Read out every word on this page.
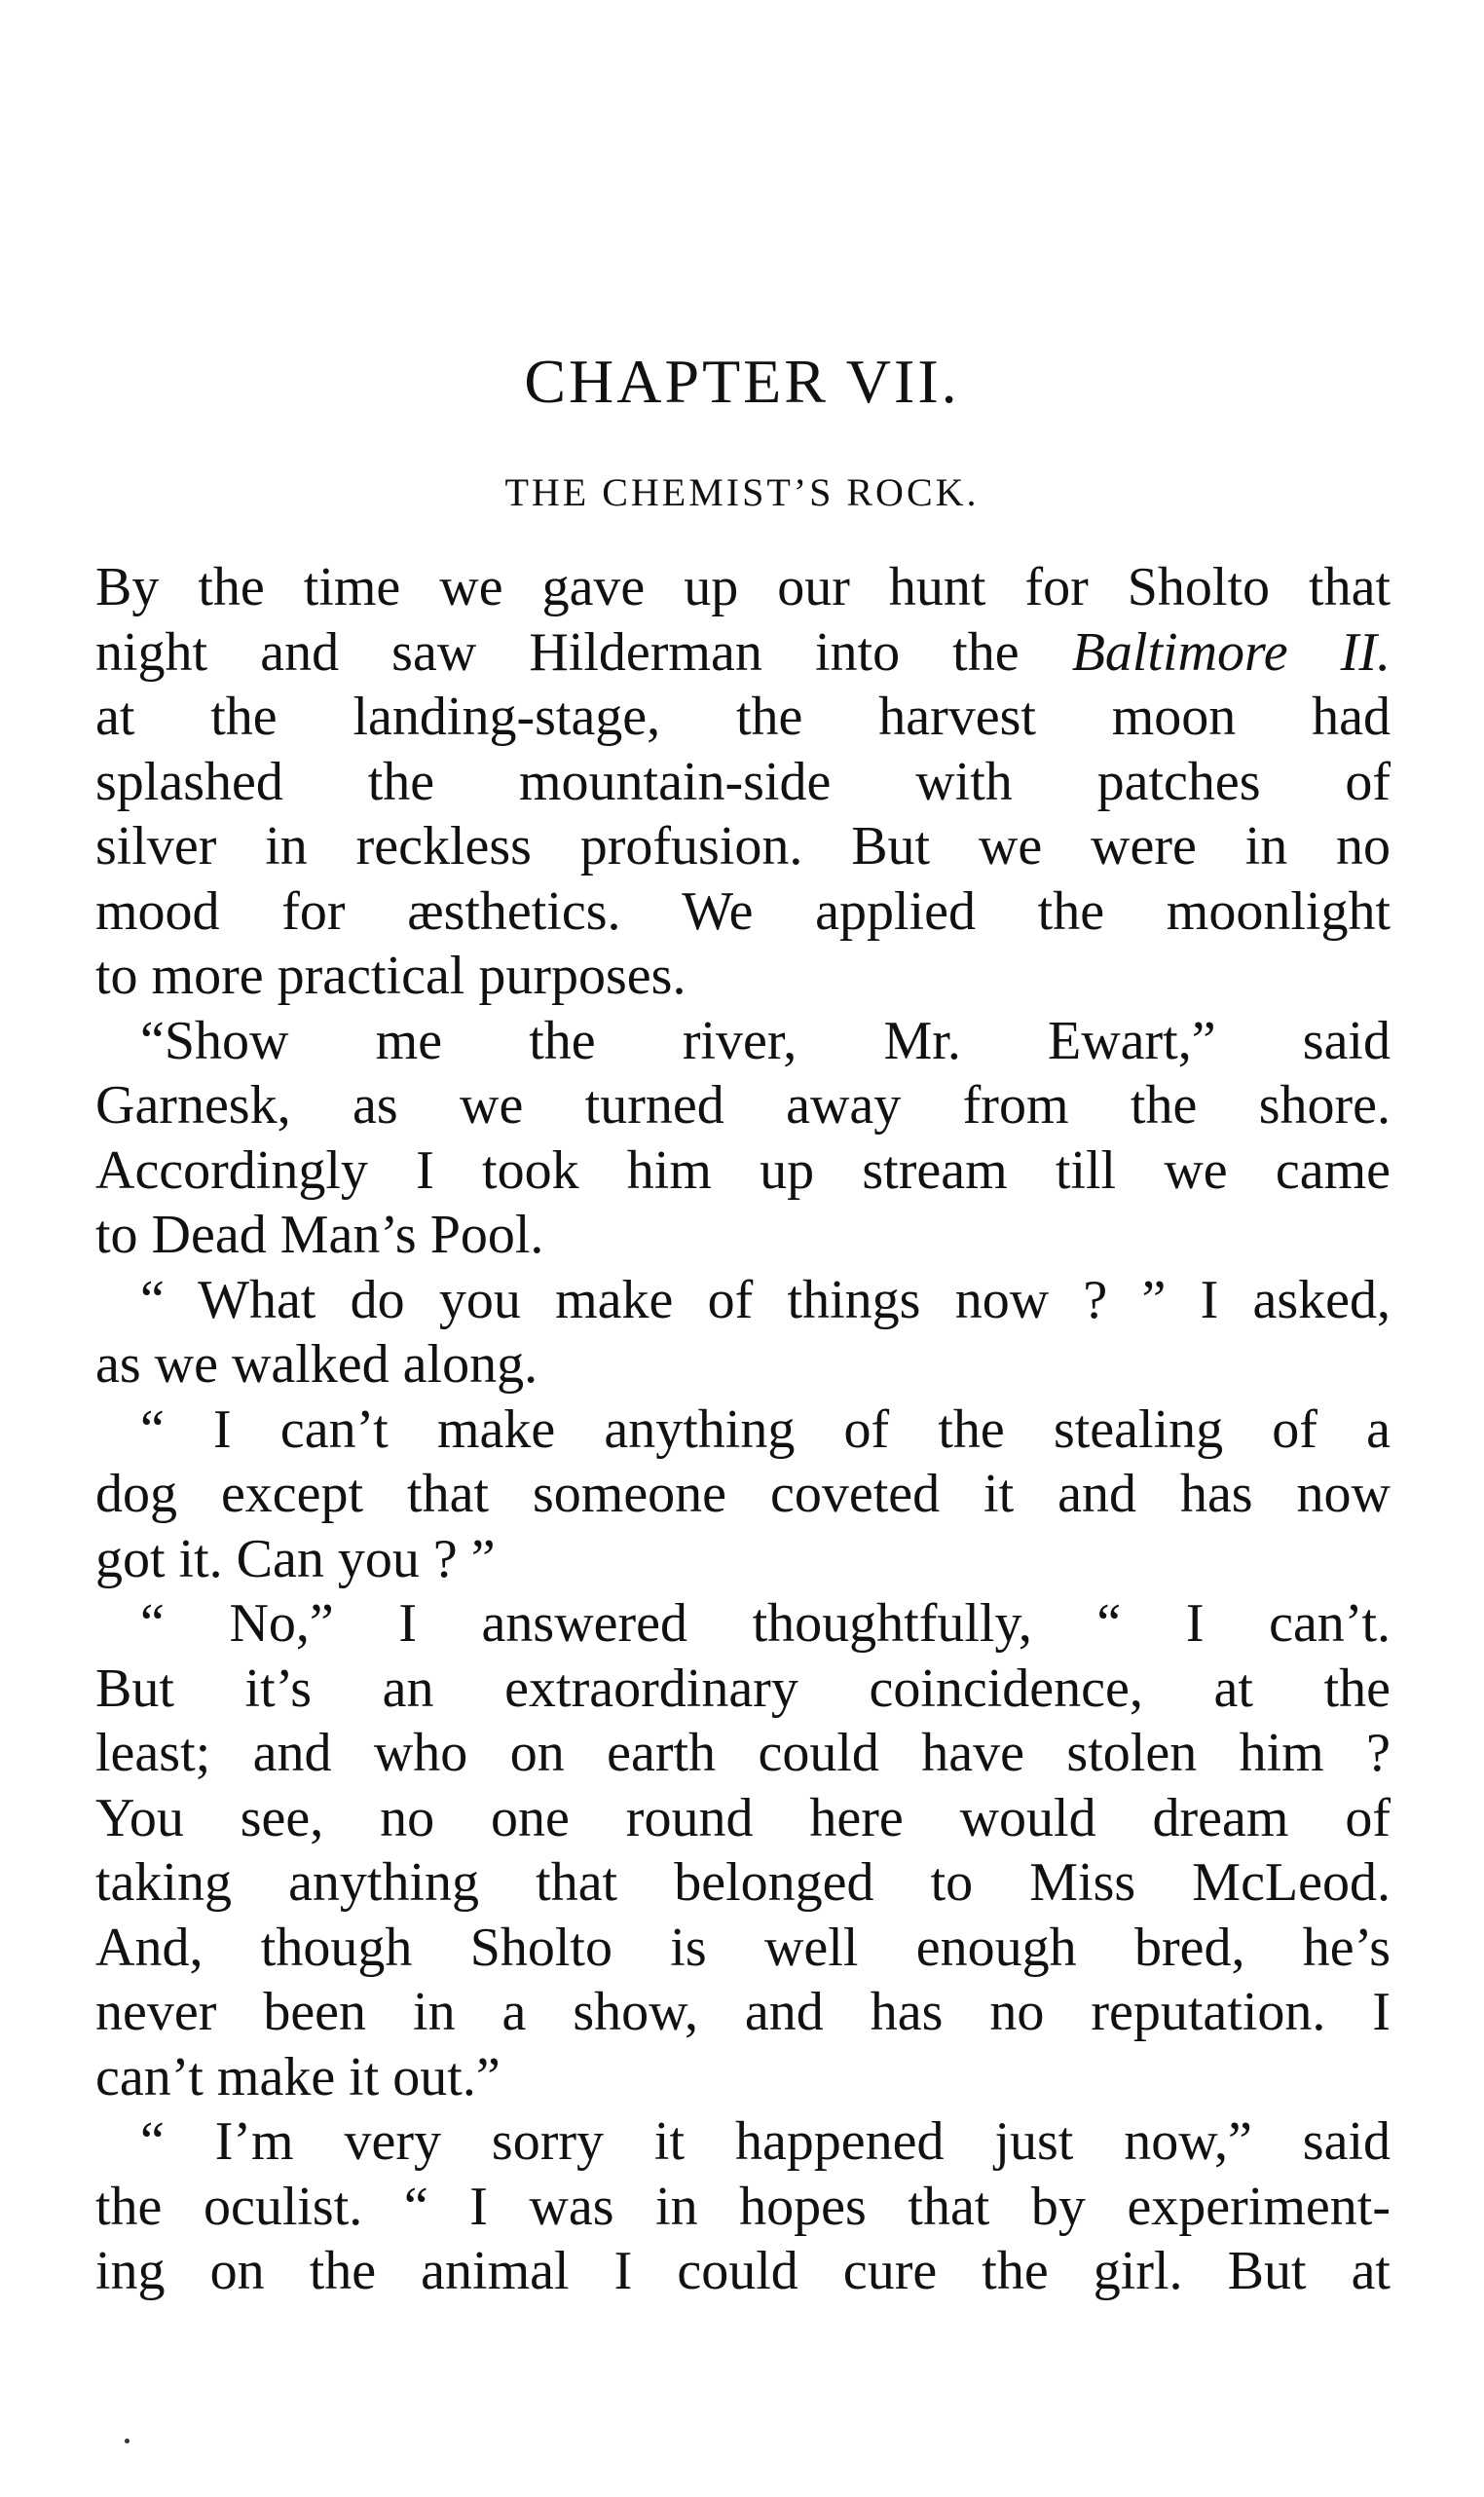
CHAPTER VII.
THE CHEMIST’S ROCK.
By the time we gave up our hunt for Sholto that
night and saw Hilderman into the Baltimore II.
at the landing-stage, the harvest moon had
splashed the mountain-side with patches of
silver in reckless profusion. But we were in no
mood for æsthetics. We applied the moonlight
to more practical purposes.
“Show me the river, Mr. Ewart,” said
Garnesk, as we turned away from the shore.
Accordingly I took him up stream till we came
to Dead Man’s Pool.
“ What do you make of things now ? ” I asked,
as we walked along.
“ I can’t make anything of the stealing of a
dog except that someone coveted it and has now
got it. Can you ? ”
“ No,” I answered thoughtfully, “ I can’t.
But it’s an extraordinary coincidence, at the
least; and who on earth could have stolen him ?
You see, no one round here would dream of
taking anything that belonged to Miss McLeod.
And, though Sholto is well enough bred, he’s
never been in a show, and has no reputation. I
can’t make it out.”
“ I’m very sorry it happened just now,” said
the oculist. “ I was in hopes that by experiment-
ing on the animal I could cure the girl. But at
